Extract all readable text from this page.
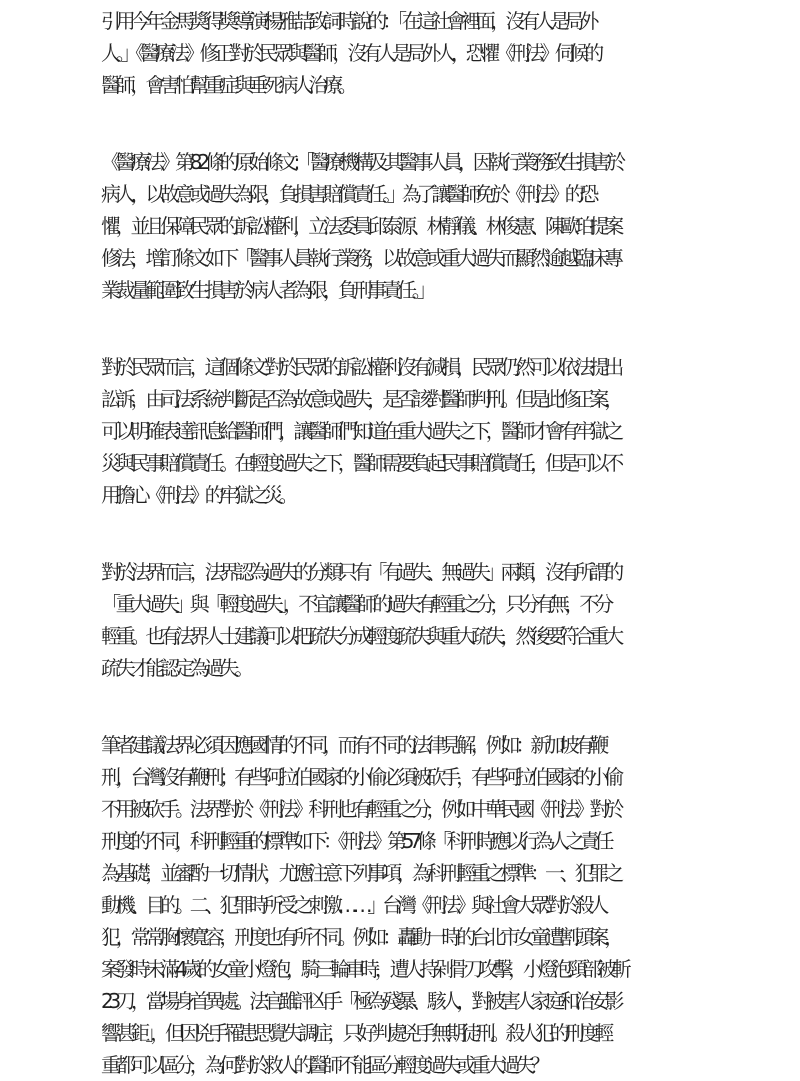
引用今年金馬獎得獎導演楊雅喆致詞時說的：「在這社會裡面，沒有人是局外
人。」《醫療法》修正對於民眾與醫師，沒有人是局外人，恐懼《刑法》伺候的
醫師，會害怕幫重症與垂死病人治療。
《醫療法》第82條的原始條文:「醫療機構及其醫事人員，因執行業務致生損害於
病人，以故意或過失為限，負損害賠償責任。」為了讓醫師免於《刑法》的恐
懼，並且保障民眾的訴訟權利，立法委員邱泰源、林靜儀、林俊憲、陳歐珀提案
修法，增訂條文如下「醫事人員執行業務，以故意或重大過失而顯然逾越臨床專
業裁量範圍致生損害於病人者為限，負刑事責任。」
對於民眾而言，這個條文對於民眾的訴訟權利沒有減損，民眾仍然可以依法提出
訟訴，由司法系統判斷是否為故意或過失，是否該對醫師判刑。但是此修正案，
可以明確表達訊息給醫師們，讓醫師們知道在重大過失之下，醫師才會有牢獄之
災與民事賠償責任。在輕度過失之下，醫師需要負起民事賠償責任，但是可以不
用擔心《刑法》的牢獄之災。
對於法界而言，法界認為過失的分類只有「有過失、無過失」兩類，沒有所謂的
「重大過失」與「輕度過失」，不宜讓醫師的過失有輕重之分，只分有無，不分
輕重。也有法界人士建議可以把疏失分成輕度疏失與重大疏失，然後要符合重大
疏失才能認定為過失。
筆者建議法界必須因應國情的不同，而有不同的法律見解，例如：新加坡有鞭
刑，台灣沒有鞭刑；有些阿拉伯國家的小偷必須被砍手，有些阿拉伯國家的小偷
不用被砍手。法界對於《刑法》科刑也有輕重之分，例如中華民國《刑法》對於
刑度的不同，科刑輕重的標準如下：《刑法》第57條「科刑時應以行為人之責任
為基礎，並審酌一切情狀，尤應注意下列事項，為科刑輕重之標準：一、犯罪之
動機、目的。二、犯罪時所受之刺激……」台灣《刑法》與社會大眾對於殺人
犯，常常胸懷寬容，刑度也有所不同。例如：轟動一時的台北市女童遭割頭案，
案發時未滿4歲的女童小燈泡，騎三輪車時，遭人持剁骨刀攻擊，小燈泡頸部被斬
23刀，當場身首異處。法官雖評凶手「極為殘暴、駭人，對被害人家庭和治安影
響甚鉅」，但因兇手罹患思覺失調症，只好判處兇手無期徒刑。殺人犯的刑度輕
重都可以區分，為何對於救人的醫師不能區分輕度過失或重大過失？
